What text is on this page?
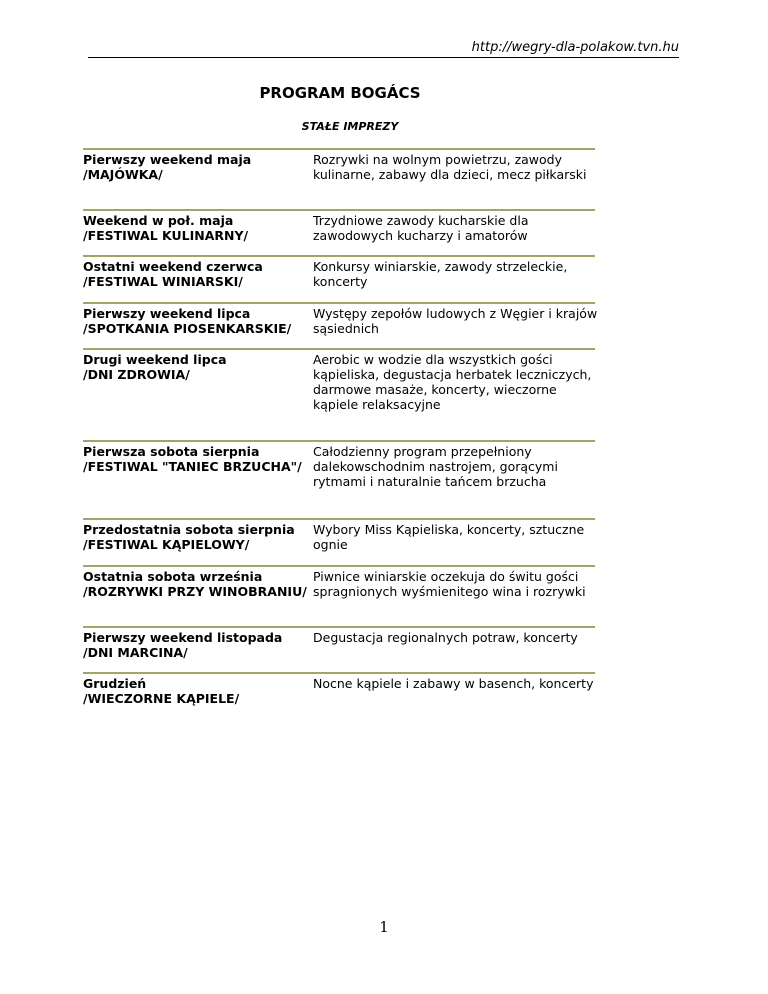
http://wegry-dla-polakow.tvn.hu
PROGRAM BOGÁCS
STAŁE IMPREZY
Pierwszy weekend maja
/MAJÓWKA/
Rozrywki na wolnym powietrzu, zawody kulinarne, zabawy dla dzieci, mecz piłkarski
Weekend w poł. maja
/FESTIWAL KULINARNY/
Trzydniowe zawody kucharskie dla zawodowych kucharzy i amatorów
Ostatni weekend czerwca
/FESTIWAL WINIARSKI/
Konkursy winiarskie, zawody strzeleckie, koncerty
Pierwszy weekend lipca
/SPOTKANIA PIOSENKARSKIE/
Występy zepołów ludowych z Węgier i krajów sąsiednich
Drugi weekend lipca
/DNI ZDROWIA/
Aerobic w wodzie dla wszystkich gości kąpieliska, degustacja herbatek leczniczych, darmowe masaże, koncerty, wieczorne kąpiele relaksacyjne
Pierwsza sobota sierpnia
/FESTIWAL "TANIEC BRZUCHA"/
Całodzienny program przepełniony dalekowschodnim nastrojem, gorącymi rytmami i naturalnie tańcem brzucha
Przedostatnia sobota sierpnia
/FESTIWAL KĄPIELOWY/
Wybory Miss Kąpieliska, koncerty, sztuczne ognie
Ostatnia sobota września
/ROZRYWKI PRZY WINOBRANIU/
Piwnice winiarskie oczekuja do świtu gości spragnionych wyśmienitego wina i rozrywki
Pierwszy weekend listopada
/DNI MARCINA/
Degustacja regionalnych potraw, koncerty
Grudzień
/WIECZORNE KĄPIELE/
Nocne kąpiele i zabawy w basench, koncerty
1
